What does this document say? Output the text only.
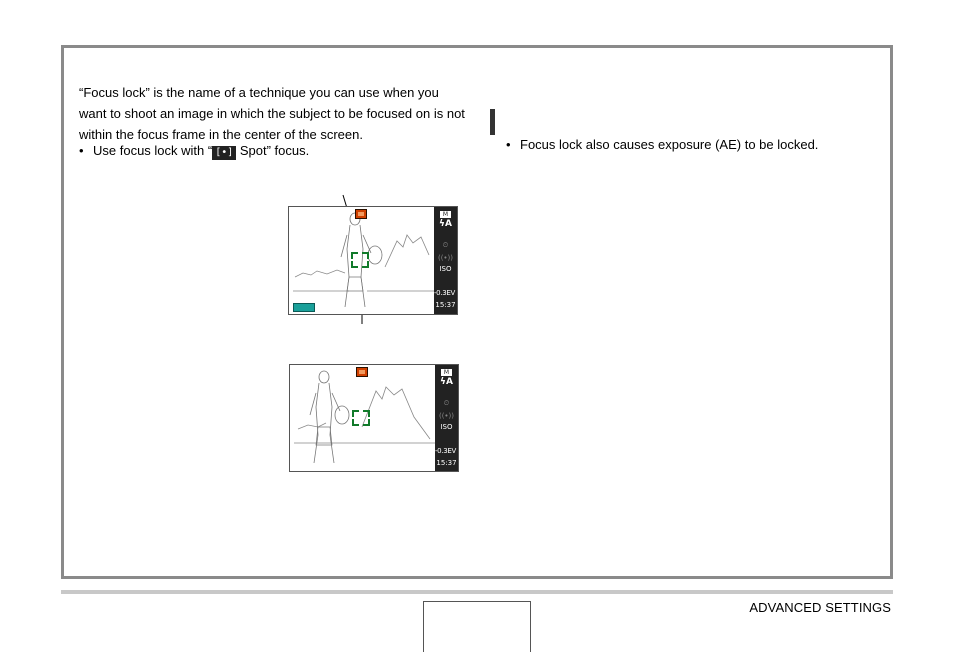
“Focus lock” is the name of a technique you can use when you want to shoot an image in which the subject to be focused on is not within the focus frame in the center of the screen.

• Use focus lock with “ [•] Spot” focus.	• Focus lock also causes exposure (AE) to be locked.

M
ϟA
⏲
((•))
ISO
-0.3EV
15:37
M
ϟA
⏲
((•))
ISO
-0.3EV
15:37
ADVANCED SETTINGS
